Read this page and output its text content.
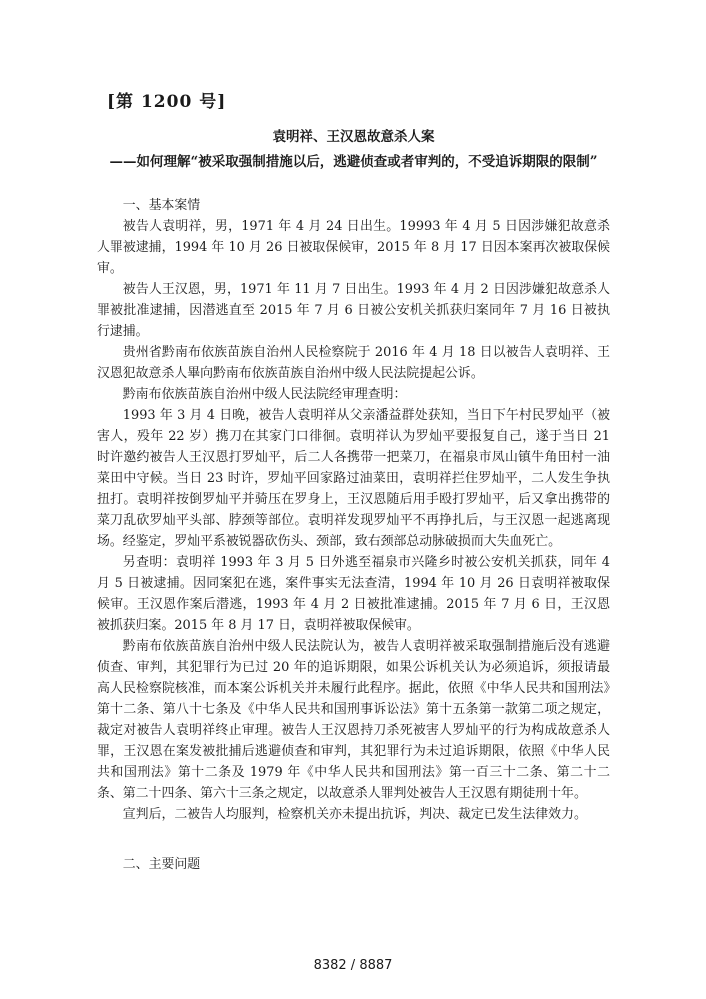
[第 1200 号]
袁明祥、王汉恩故意杀人案
——如何理解“被采取强制措施以后，逃避侦查或者审判的，不受追诉期限的限制”

一、基本案情

被告人袁明祥，男，1971 年 4 月 24 日出生。19993 年 4 月 5 日因涉嫌犯故意杀人罪被逮捕，1994 年 10 月 26 日被取保候审，2015 年 8 月 17 日因本案再次被取保候审。

被告人王汉恩，男，1971 年 11 月 7 日出生。1993 年 4 月 2 日因涉嫌犯故意杀人罪被批准逮捕，因潜逃直至 2015 年 7 月 6 日被公安机关抓获归案同年 7 月 16 日被执行逮捕。

贵州省黔南布依族苗族自治州人民检察院于 2016 年 4 月 18 日以被告人袁明祥、王汉恩犯故意杀人畢向黔南布依族苗族自治州中级人民法院提起公诉。

黔南布依族苗族自治州中级人民法院经审理查明：

1993 年 3 月 4 日晚，被告人袁明祥从父亲潘益群处获知，当日下午村民罗灿平（被害人，殁年 22 岁）携刀在其家门口徘徊。袁明祥认为罗灿平要报复自己，遂于当日 21 时许邀约被告人王汉恩打罗灿平，后二人各携带一把菜刀，在福泉市凤山镇牛角田村一油菜田中守候。当日 23 时许，罗灿平回家路过油菜田，袁明祥拦住罗灿平，二人发生争执扭打。袁明祥按倒罗灿平并骑压在罗身上，王汉恩随后用手殴打罗灿平，后又拿出携带的菜刀乱砍罗灿平头部、脖颈等部位。袁明祥发现罗灿平不再挣扎后，与王汉恩一起逃离现场。经鉴定，罗灿平系被锐器砍伤头、颈部，致右颈部总动脉破损而大失血死亡。

另查明：袁明祥 1993 年 3 月 5 日外逃至福泉市兴隆乡时被公安机关抓获，同年 4 月 5 日被逮捕。因同案犯在逃，案件事实无法查清，1994 年 10 月 26 日袁明祥被取保候审。王汉恩作案后潜逃，1993 年 4 月 2 日被批准逮捕。2015 年 7 月 6 日，王汉恩被抓获归案。2015 年 8 月 17 日，袁明祥被取保候审。

黔南布依族苗族自治州中级人民法院认为，被告人袁明祥被采取强制措施后没有逃避侦查、审判，其犯罪行为已过 20 年的追诉期限，如果公诉机关认为必须追诉，须报请最高人民检察院核准，而本案公诉机关并未履行此程序。据此，依照《中华人民共和国刑法》第十二条、第八十七条及《中华人民共和国刑事诉讼法》第十五条第一款第二项之规定，裁定对被告人袁明祥终止审理。被告人王汉恩持刀杀死被害人罗灿平的行为构成故意杀人罪，王汉恩在案发被批捕后逃避侦查和审判，其犯罪行为未过追诉期限，依照《中华人民共和国刑法》第十二条及 1979 年《中华人民共和国刑法》第一百三十二条、第二十二条、第二十四条、第六十三条之规定，以故意杀人罪判处被告人王汉恩有期徒刑十年。

宣判后，二被告人均服判，检察机关亦未提出抗诉，判决、裁定已发生法律效力。

二、主要问题

8382 / 8887
